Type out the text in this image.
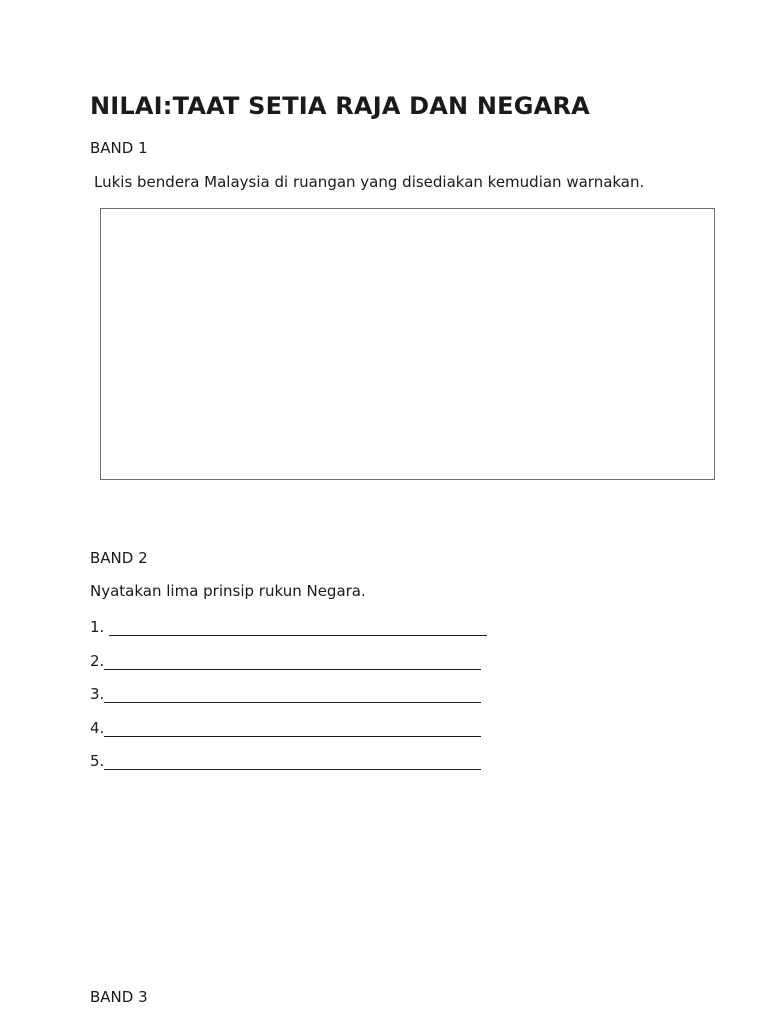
NILAI:TAAT SETIA RAJA DAN NEGARA
BAND 1
Lukis bendera Malaysia di ruangan yang disediakan kemudian warnakan.
BAND 2
Nyatakan lima prinsip rukun Negara.
1.
2.
3.
4.
5.
BAND 3
